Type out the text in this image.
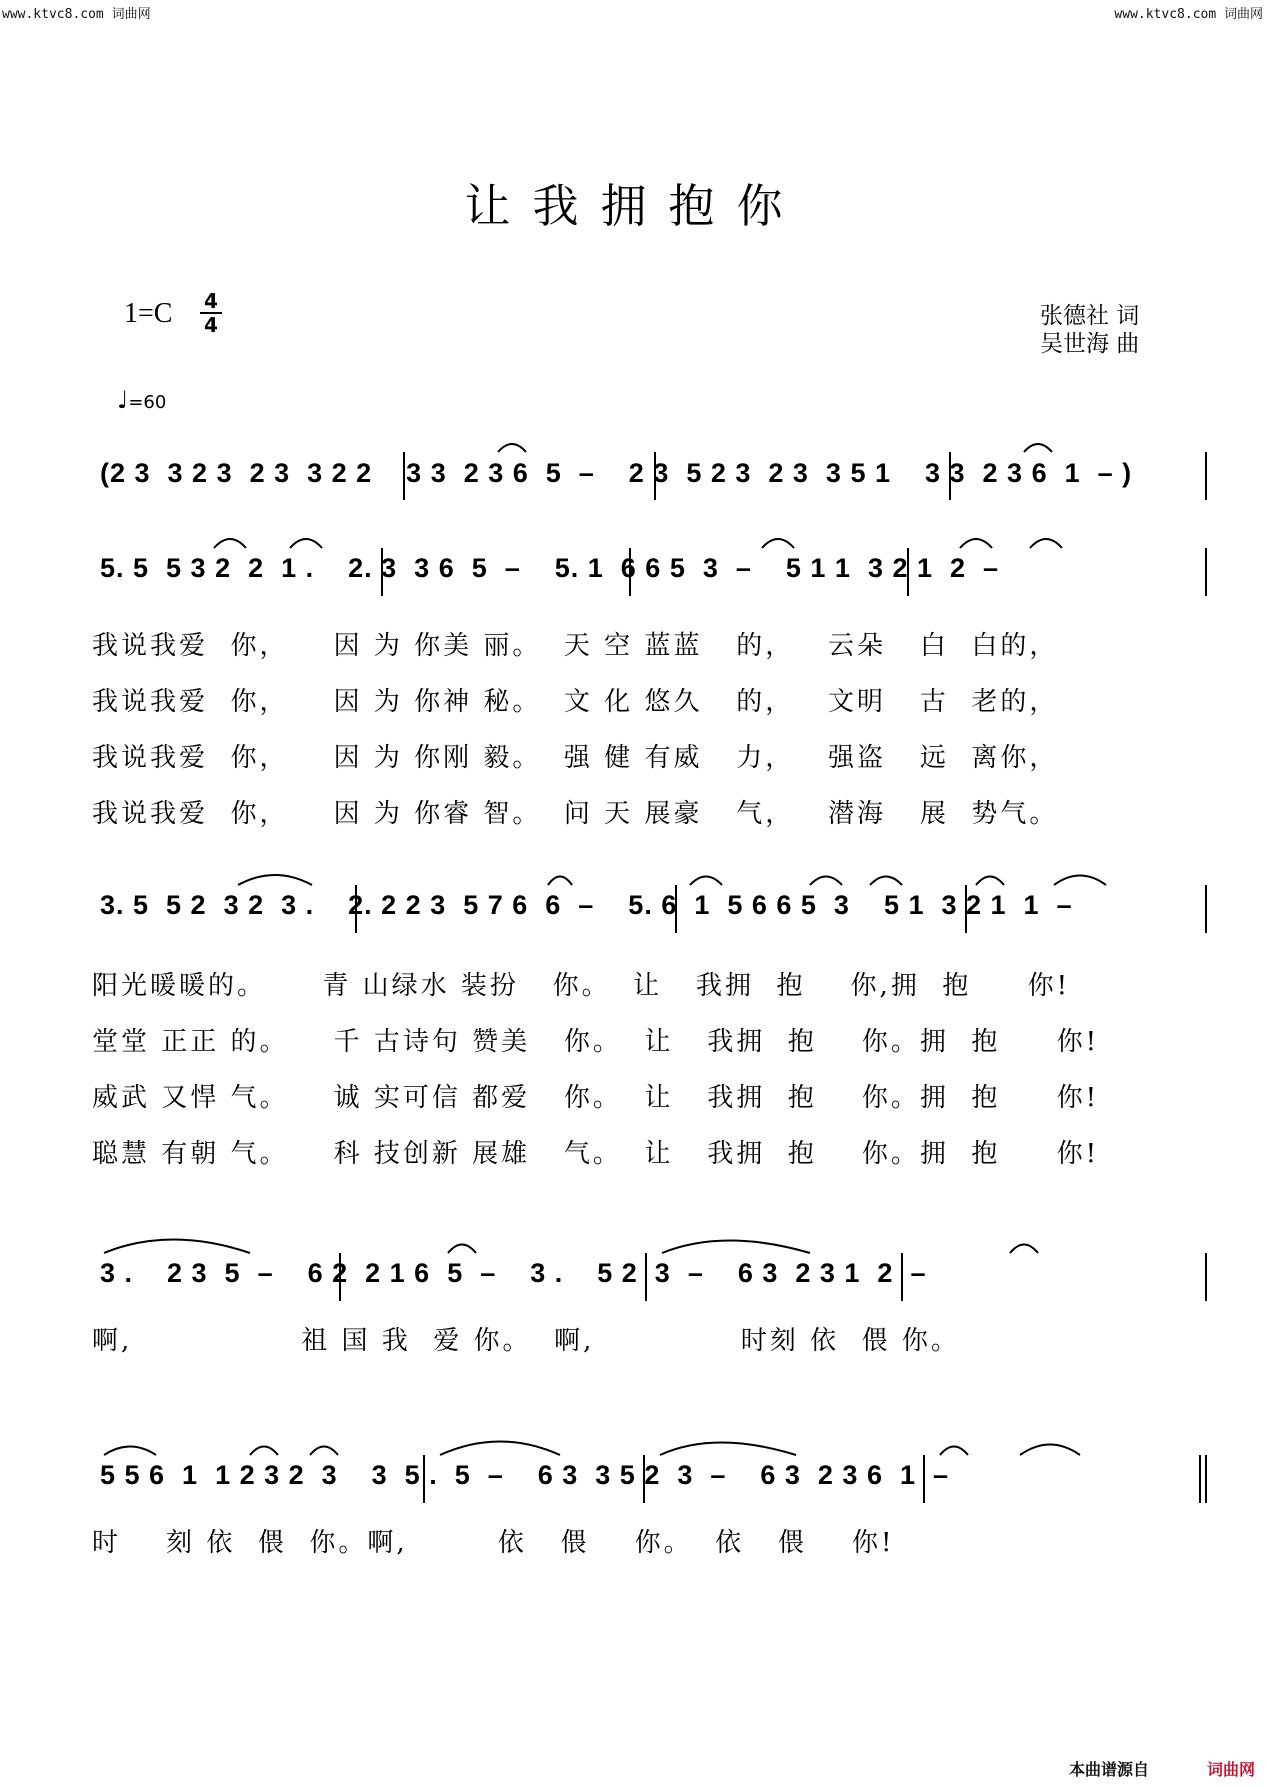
www.ktvc8.com 词曲网	www.ktvc8.com 词曲网
让我拥抱你
1=C 4
4	张德社 词
吴世海 曲
♩=60
(2 3  3 2 3  2 3  3 2 2    3 3  2 3 6  5  –    2 3  5 2 3  2 3  3 5 1    3 3  2 3 6  1  – )
我说我爱  你，    因 为 你美 丽。  天 空 蓝蓝   的，   云朵   白  白的，
我说我爱  你，    因 为 你神 秘。  文 化 悠久   的，   文明   古  老的，
我说我爱  你，    因 为 你刚 毅。  强 健 有威   力，   强盗   远  离你，
我说我爱  你，    因 为 你睿 智。  问 天 展豪   气，   潜海   展  势气。
5. 5  5 3 2  2  1 .    2. 3  3 6  5  –    5. 1  6 6 5  3  –    5 1 1  3 2 1  2  –
3. 5  5 2  3 2  3 .    2. 2 2 3  5 7 6  6  –    5. 6  1  5 6 6 5  3    5 1  3 2 1  1  –
阳光暖暖的。     青 山绿水 装扮   你。  让   我拥  抱    你,拥  抱     你!
堂堂 正正 的。    千 古诗句 赞美   你。  让   我拥  抱    你。拥  抱     你!
威武 又悍 气。    诚 实可信 都爱   你。  让   我拥  抱    你。拥  抱     你!
聪慧 有朝 气。    科 技创新 展雄   气。  让   我拥  抱    你。拥  抱     你!
3 .    2 3  5  –    6 2  2 1 6  5  –    3 .    5 2  3  –    6 3  2 3 1  2  –
啊,               祖 国 我  爱 你。  啊,             时刻 依  偎 你。
5 5 6  1  1 2 3 2  3    3  5 .  5  –    6 3  3 5 2  3  –    6 3  2 3 6  1  –
时    刻 依  偎  你。啊,        依   偎    你。  依   偎    你!
本曲谱源自	词曲网
